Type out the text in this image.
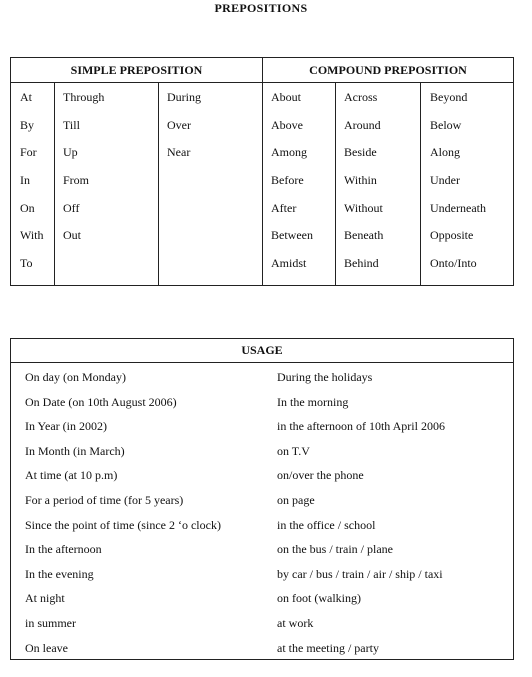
PREPOSITIONS
SIMPLE PREPOSITION	COMPOUND PREPOSITION
At
By
For
In
On
With
To
Through
Till
Up
From
Off
Out
During
Over
Near
About
Above
Among
Before
After
Between
Amidst
Across
Around
Beside
Within
Without
Beneath
Behind
Beyond
Below
Along
Under
Underneath
Opposite
Onto/Into
USAGE
On day (on Monday)
On Date (on 10th August 2006)
In Year (in 2002)
In Month (in March)
At time (at 10 p.m)
For a period of time (for 5 years)
Since the point of time (since 2 ‘o clock)
In the afternoon
In the evening
At night
in summer
On leave
During the holidays
In the morning
in the afternoon of 10th April 2006
on T.V
on/over the phone
on page
in the office / school
on the bus / train / plane
by car / bus / train / air / ship / taxi
on foot (walking)
at work
at the meeting / party
